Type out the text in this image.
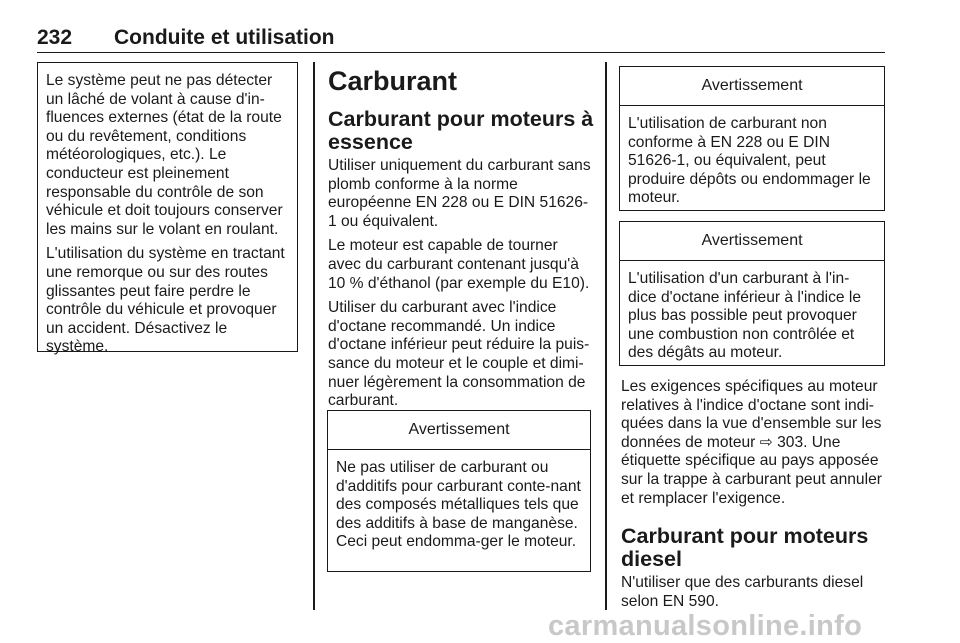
232 Conduite et utilisation

Le système peut ne pas détecter un lâché de volant à cause d'in-fluences externes (état de la route ou du revêtement, conditions météorologiques, etc.). Le conducteur est pleinement responsable du contrôle de son véhicule et doit toujours conserver les mains sur le volant en roulant.

L'utilisation du système en tractant une remorque ou sur des routes glissantes peut faire perdre le contrôle du véhicule et provoquer un accident. Désactivez le système.

Carburant
Carburant pour moteurs à essence

Utiliser uniquement du carburant sans plomb conforme à la norme européenne EN 228 ou E DIN 51626-1 ou équivalent.

Le moteur est capable de tourner avec du carburant contenant jusqu'à 10 % d'éthanol (par exemple du E10).

Utiliser du carburant avec l'indice d'octane recommandé. Un indice d'octane inférieur peut réduire la puis-sance du moteur et le couple et dimi-nuer légèrement la consommation de carburant.

Avertissement
Ne pas utiliser de carburant ou d'additifs pour carburant conte-nant des composés métalliques tels que des additifs à base de manganèse. Ceci peut endomma-ger le moteur.
Avertissement
L'utilisation de carburant non conforme à EN 228 ou E DIN 51626-1, ou équivalent, peut produire dépôts ou endommager le moteur.
Avertissement
L'utilisation d'un carburant à l'in-dice d'octane inférieur à l'indice le plus bas possible peut provoquer une combustion non contrôlée et des dégâts au moteur.

Les exigences spécifiques au moteur relatives à l'indice d'octane sont indi-quées dans la vue d'ensemble sur les données de moteur ⇨ 303. Une étiquette spécifique au pays apposée sur la trappe à carburant peut annuler et remplacer l'exigence.

Carburant pour moteurs diesel

N'utiliser que des carburants diesel selon EN 590.

carmanualsonline.info
